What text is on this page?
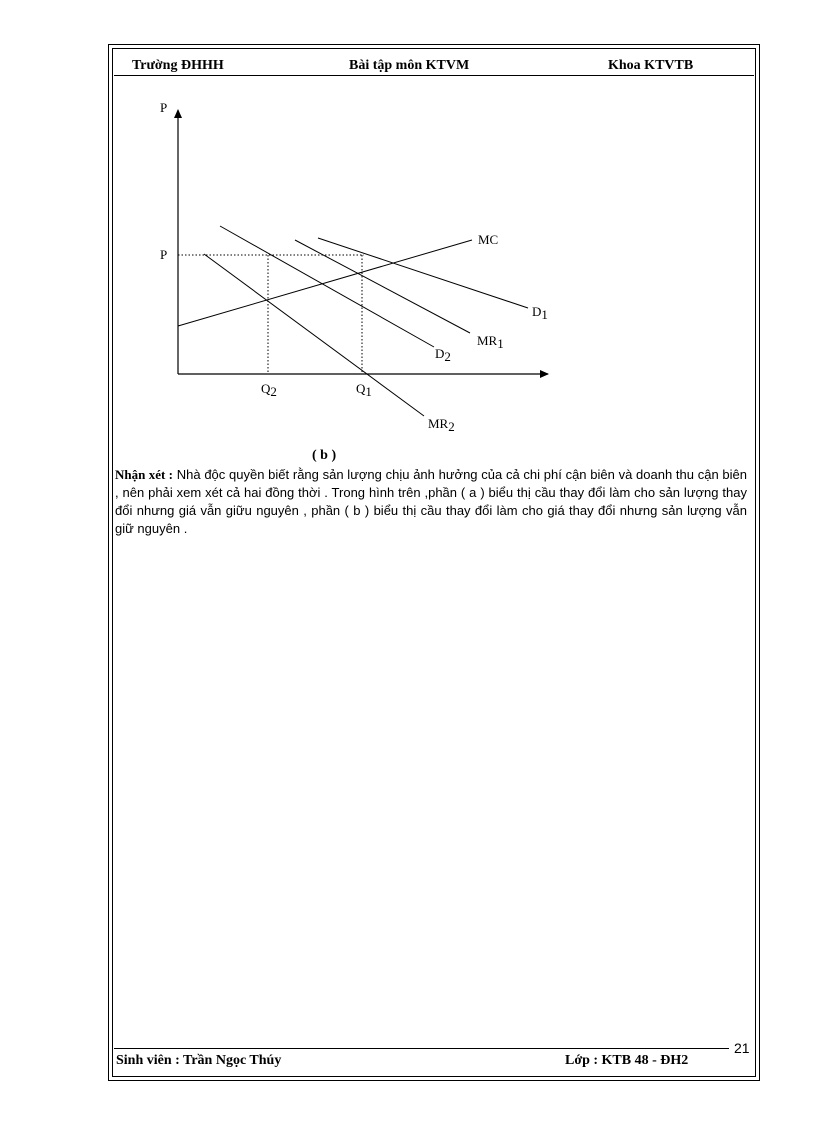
Trường ĐHHH	Bài tập môn KTVM	Khoa KTVTB
P
P
MC
D1
MR1
D2
MR2
Q2	Q1
( b )
Nhận xét : Nhà độc quyền biết rằng sản lượng chịu ảnh hưởng của cả chi phí cận biên và doanh thu cận biên , nên phải xem xét cả hai đồng thời . Trong hình trên ,phần ( a ) biểu thị cầu thay đổi làm cho sản lượng thay đổi nhưng giá vẫn giữu nguyên , phần ( b ) biểu thị cầu thay đổi làm cho giá thay đổi nhưng sản lượng vẫn giữ nguyên .
21
Sinh viên : Trần Ngọc Thúy	Lớp : KTB 48 - ĐH2
